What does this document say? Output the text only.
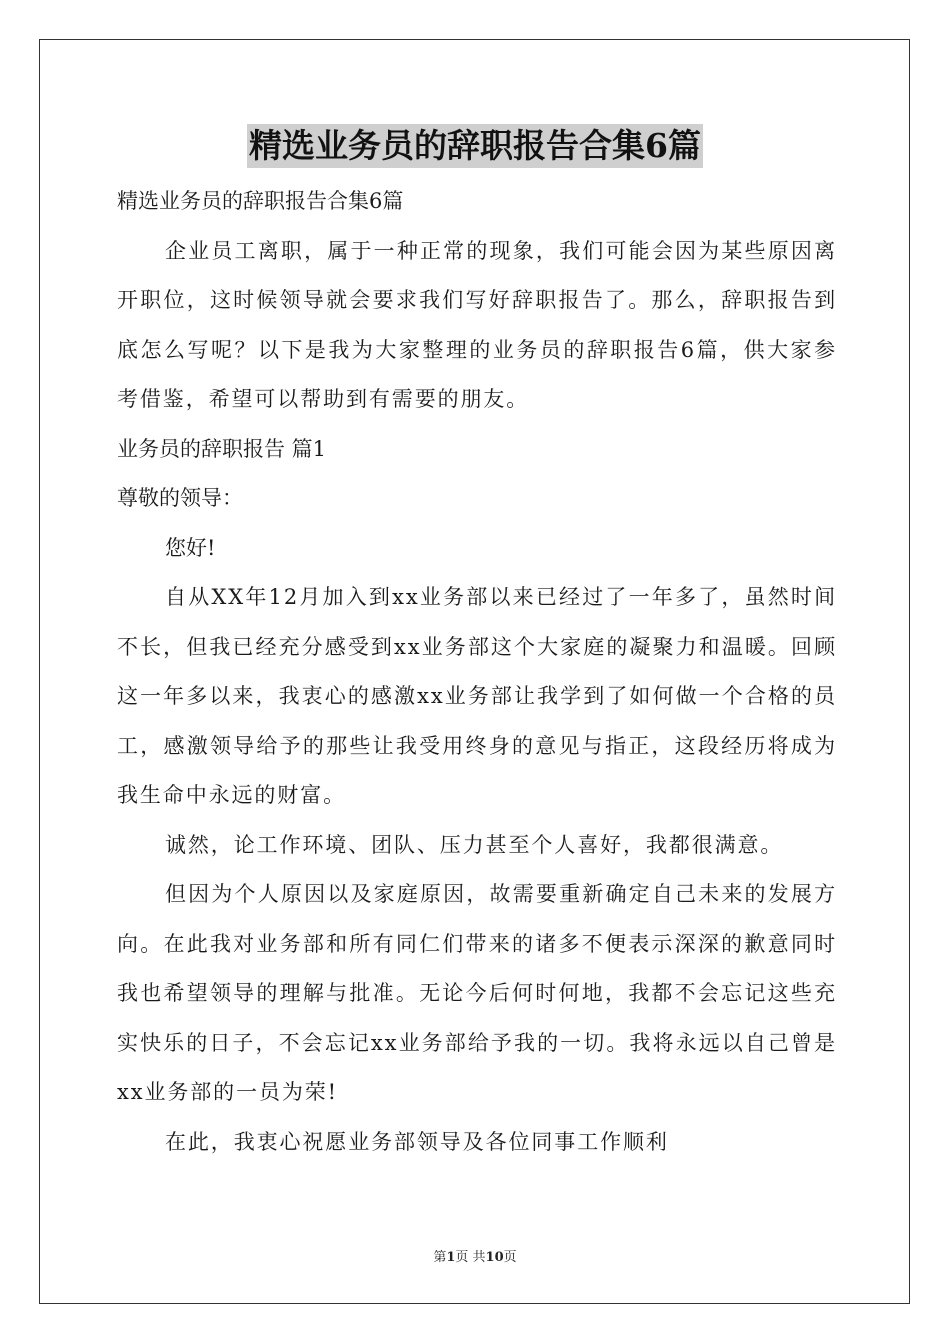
精选业务员的辞职报告合集6篇
精选业务员的辞职报告合集6篇
企业员工离职，属于一种正常的现象，我们可能会因为某些原因离开职位，这时候领导就会要求我们写好辞职报告了。那么，辞职报告到底怎么写呢？以下是我为大家整理的业务员的辞职报告6篇，供大家参考借鉴，希望可以帮助到有需要的朋友。
业务员的辞职报告 篇1
尊敬的领导：
您好!
自从XX年12月加入到xx业务部以来已经过了一年多了，虽然时间不长，但我已经充分感受到xx业务部这个大家庭的凝聚力和温暖。回顾这一年多以来，我衷心的感激xx业务部让我学到了如何做一个合格的员工，感激领导给予的那些让我受用终身的意见与指正，这段经历将成为我生命中永远的财富。
诚然，论工作环境、团队、压力甚至个人喜好，我都很满意。
但因为个人原因以及家庭原因，故需要重新确定自己未来的发展方向。在此我对业务部和所有同仁们带来的诸多不便表示深深的歉意同时我也希望领导的理解与批准。无论今后何时何地，我都不会忘记这些充实快乐的日子，不会忘记xx业务部给予我的一切。我将永远以自己曾是xx业务部的一员为荣!
在此，我衷心祝愿业务部领导及各位同事工作顺利
第1页 共10页
